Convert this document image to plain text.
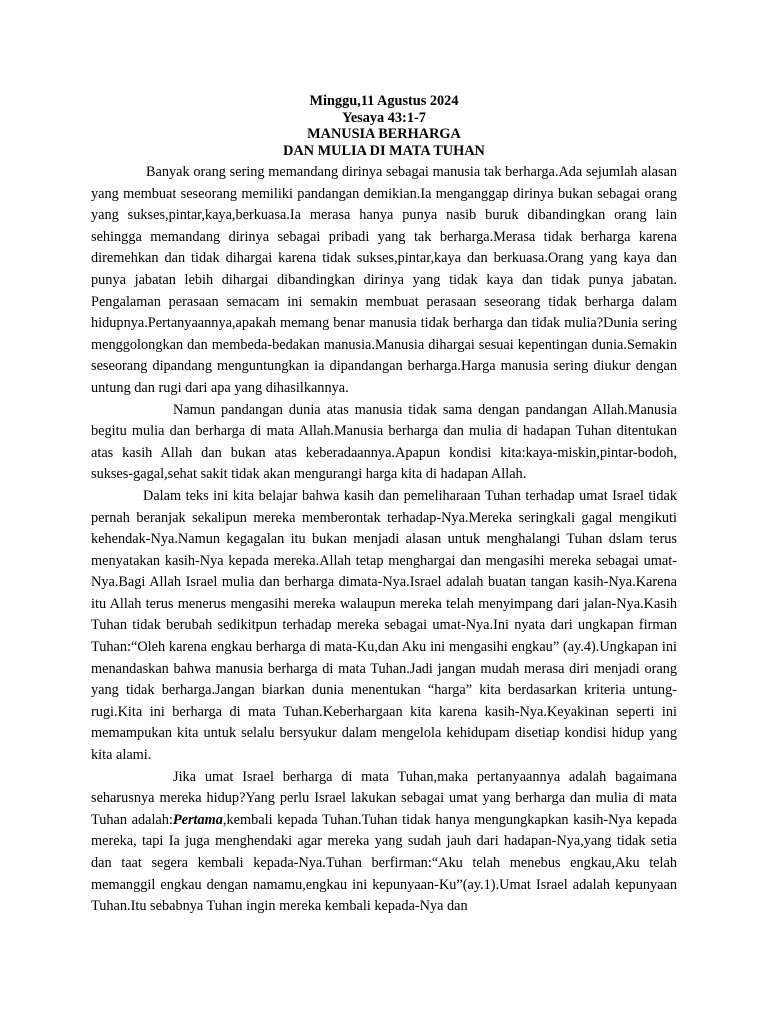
Minggu,11 Agustus 2024

Yesaya 43:1-7

MANUSIA BERHARGA

DAN MULIA DI MATA TUHAN

Banyak orang sering memandang dirinya sebagai manusia tak berharga.Ada sejumlah alasan yang membuat seseorang memiliki pandangan demikian.Ia menganggap dirinya bukan sebagai orang yang sukses,pintar,kaya,berkuasa.Ia merasa hanya punya nasib buruk dibandingkan orang lain sehingga memandang dirinya sebagai pribadi yang tak berharga.Merasa tidak berharga karena diremehkan dan tidak dihargai karena tidak sukses,pintar,kaya dan berkuasa.Orang yang kaya dan punya jabatan lebih dihargai dibandingkan dirinya yang tidak kaya dan tidak punya jabatan. Pengalaman perasaan semacam ini semakin membuat perasaan seseorang tidak berharga dalam hidupnya.Pertanyaannya,apakah memang benar manusia tidak berharga dan tidak mulia?Dunia sering menggolongkan dan membeda-bedakan manusia.Manusia dihargai sesuai kepentingan dunia.Semakin seseorang dipandang menguntungkan ia dipandangan berharga.Harga manusia sering diukur dengan untung dan rugi dari apa yang dihasilkannya.

Namun pandangan dunia atas manusia tidak sama dengan pandangan Allah.Manusia begitu mulia dan berharga di mata Allah.Manusia berharga dan mulia di hadapan Tuhan ditentukan atas kasih Allah dan bukan atas keberadaannya.Apapun kondisi kita:kaya-miskin,pintar-bodoh, sukses-gagal,sehat sakit tidak akan mengurangi harga kita di hadapan Allah.

Dalam teks ini kita belajar bahwa kasih dan pemeliharaan Tuhan terhadap umat Israel tidak pernah beranjak sekalipun mereka memberontak terhadap-Nya.Mereka seringkali gagal mengikuti kehendak-Nya.Namun kegagalan itu bukan menjadi alasan untuk menghalangi Tuhan dslam terus menyatakan kasih-Nya kepada mereka.Allah tetap menghargai dan mengasihi mereka sebagai umat-Nya.Bagi Allah Israel mulia dan berharga dimata-Nya.Israel adalah buatan tangan kasih-Nya.Karena itu Allah terus menerus mengasihi mereka walaupun mereka telah menyimpang dari jalan-Nya.Kasih Tuhan tidak berubah sedikitpun terhadap mereka sebagai umat-Nya.Ini nyata dari ungkapan firman Tuhan:“Oleh karena engkau berharga di mata-Ku,dan Aku ini mengasihi engkau” (ay.4).Ungkapan ini menandaskan bahwa manusia berharga di mata Tuhan.Jadi jangan mudah merasa diri menjadi orang yang tidak berharga.Jangan biarkan dunia menentukan “harga” kita berdasarkan kriteria untung-rugi.Kita ini berharga di mata Tuhan.Keberhargaan kita karena kasih-Nya.Keyakinan seperti ini memampukan kita untuk selalu bersyukur dalam mengelola kehidupam disetiap kondisi hidup yang kita alami.

Jika umat Israel berharga di mata Tuhan,maka pertanyaannya adalah bagaimana seharusnya mereka hidup?Yang perlu Israel lakukan sebagai umat yang berharga dan mulia di mata Tuhan adalah:Pertama,kembali kepada Tuhan.Tuhan tidak hanya mengungkapkan kasih-Nya kepada mereka, tapi Ia juga menghendaki agar mereka yang sudah jauh dari hadapan-Nya,yang tidak setia dan taat segera kembali kepada-Nya.Tuhan berfirman:“Aku telah menebus engkau,Aku telah memanggil engkau dengan namamu,engkau ini kepunyaan-Ku”(ay.1).Umat Israel adalah kepunyaan Tuhan.Itu sebabnya Tuhan ingin mereka kembali kepada-Nya dan
